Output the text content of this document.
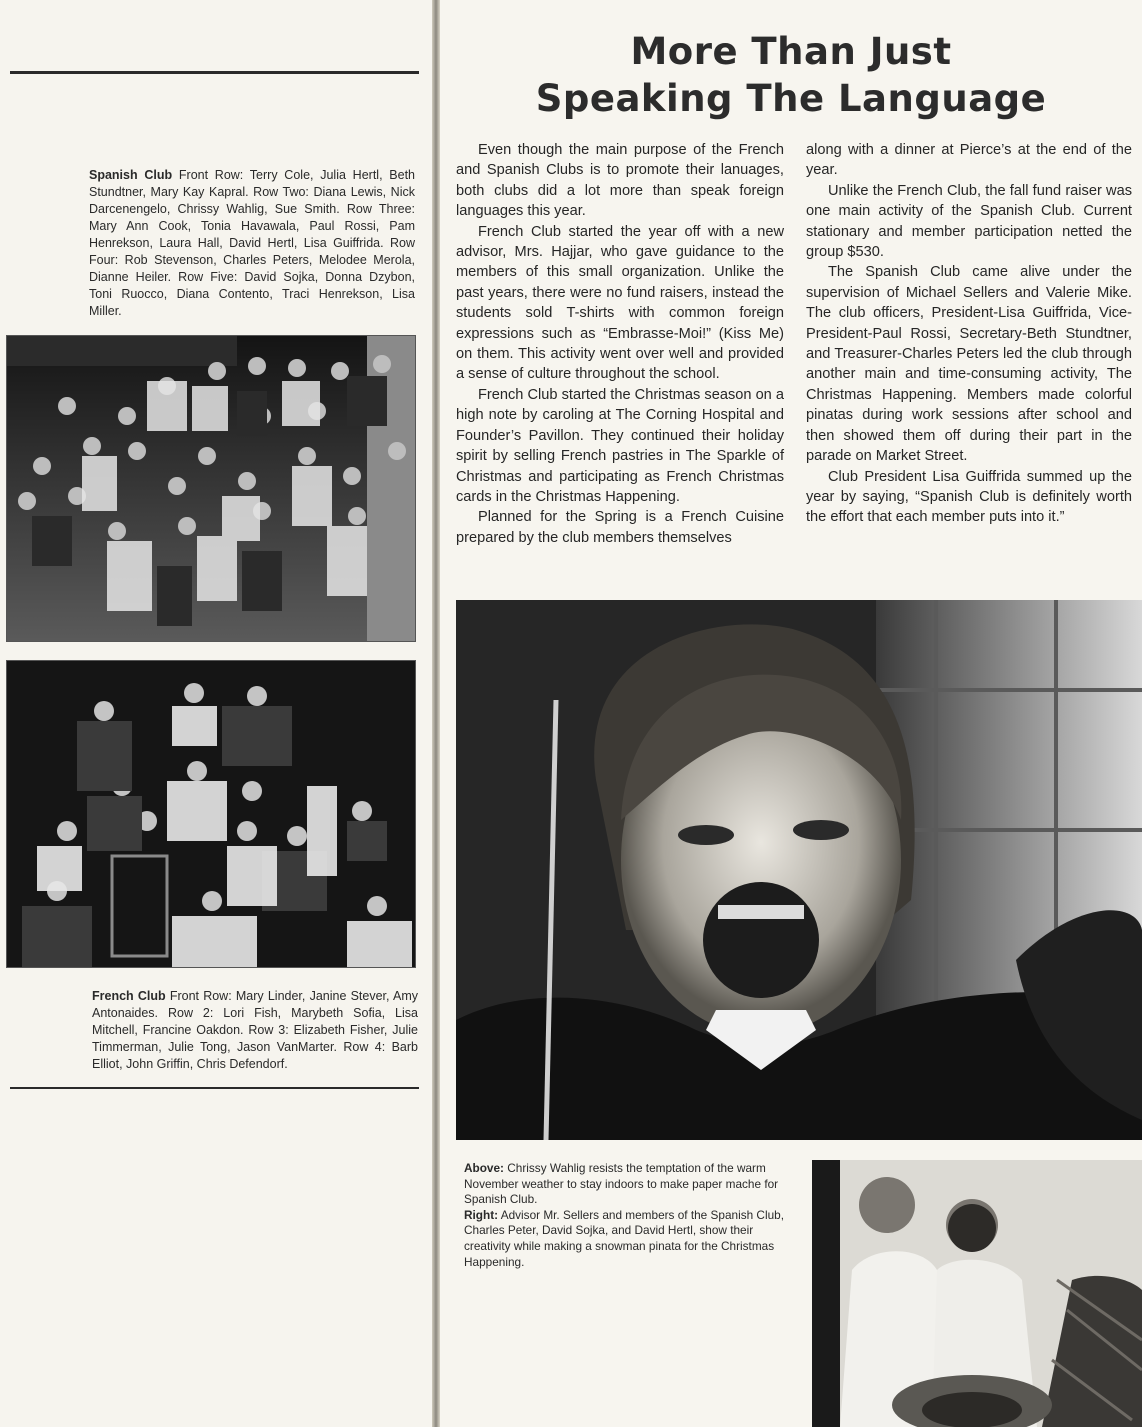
Spanish Club Front Row: Terry Cole, Julia Hertl, Beth Stundtner, Mary Kay Kapral. Row Two: Diana Lewis, Nick Darcenengelo, Chrissy Wahlig, Sue Smith. Row Three: Mary Ann Cook, Tonia Havawala, Paul Rossi, Pam Henrekson, Laura Hall, David Hertl, Lisa Guiffrida. Row Four: Rob Stevenson, Charles Peters, Melodee Merola, Dianne Heiler. Row Five: David Sojka, Donna Dzybon, Toni Ruocco, Diana Contento, Traci Henrekson, Lisa Miller.

French Club Front Row: Mary Linder, Janine Stever, Amy Antonaides. Row 2: Lori Fish, Marybeth Sofia, Lisa Mitchell, Francine Oakdon. Row 3: Elizabeth Fisher, Julie Timmerman, Julie Tong, Jason VanMarter. Row 4: Barb Elliot, John Griffin, Chris Defendorf.

More Than Just
Speaking The Language

Even though the main purpose of the French and Spanish Clubs is to promote their lanuages, both clubs did a lot more than speak foreign languages this year.

French Club started the year off with a new advisor, Mrs. Hajjar, who gave guidance to the members of this small organization. Unlike the past years, there were no fund raisers, instead the students sold T-shirts with common foreign expressions such as “Embrasse-Moi!” (Kiss Me) on them. This activity went over well and provided a sense of culture throughout the school.

French Club started the Christmas season on a high note by caroling at The Corning Hospital and Founder’s Pavillon. They continued their holiday spirit by selling French pastries in The Sparkle of Christmas and participating as French Christmas cards in the Christmas Happening.

Planned for the Spring is a French Cuisine prepared by the club members themselves

along with a dinner at Pierce’s at the end of the year.

Unlike the French Club, the fall fund raiser was one main activity of the Spanish Club. Current stationary and member participation netted the group $530.

The Spanish Club came alive under the supervision of Michael Sellers and Valerie Mike. The club officers, President-Lisa Guiffrida, Vice-President-Paul Rossi, Secretary-Beth Stundtner, and Treasurer-Charles Peters led the club through another main and time-consuming activity, The Christmas Happening. Members made colorful pinatas during work sessions after school and then showed them off during their part in the parade on Market Street.

Club President Lisa Guiffrida summed up the year by saying, “Spanish Club is definitely worth the effort that each member puts into it.”

Above: Chrissy Wahlig resists the temptation of the warm November weather to stay indoors to make paper mache for Spanish Club.
Right: Advisor Mr. Sellers and members of the Spanish Club, Charles Peter, David Sojka, and David Hertl, show their creativity while making a snowman pinata for the Christmas Happening.
